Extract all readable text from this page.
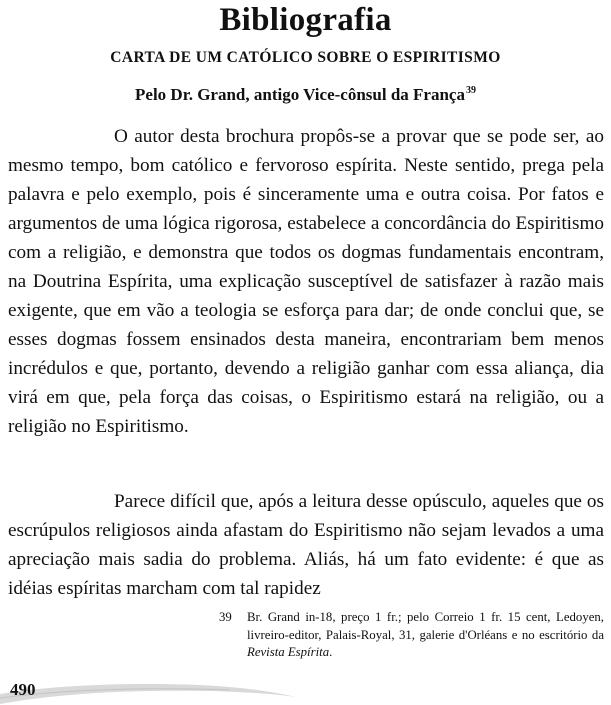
Bibliografia
CARTA DE UM CATÓLICO SOBRE O ESPIRITISMO
Pelo Dr. Grand, antigo Vice-cônsul da França$^{39}$

O autor desta brochura propôs-se a provar que se pode ser, ao mesmo tempo, bom católico e fervoroso espírita. Neste sentido, prega pela palavra e pelo exemplo, pois é sinceramente uma e outra coisa. Por fatos e argumentos de uma lógica rigorosa, estabelece a concordância do Espiritismo com a religião, e demonstra que todos os dogmas fundamentais encontram, na Doutrina Espírita, uma explicação susceptível de satisfazer à razão mais exigente, que em vão a teologia se esforça para dar; de onde conclui que, se esses dogmas fossem ensinados desta maneira, encontrariam bem menos incrédulos e que, portanto, devendo a religião ganhar com essa aliança, dia virá em que, pela força das coisas, o Espiritismo estará na religião, ou a religião no Espiritismo.

Parece difícil que, após a leitura desse opúsculo, aqueles que os escrúpulos religiosos ainda afastam do Espiritismo não sejam levados a uma apreciação mais sadia do problema. Aliás, há um fato evidente: é que as idéias espíritas marcham com tal rapidez

39 Br. Grand in-18, preço 1 fr.; pelo Correio 1 fr. 15 cent, Ledoyen, livreiro-editor, Palais-Royal, 31, galerie d'Orléans e no escritório da Revista Espírita.
490
